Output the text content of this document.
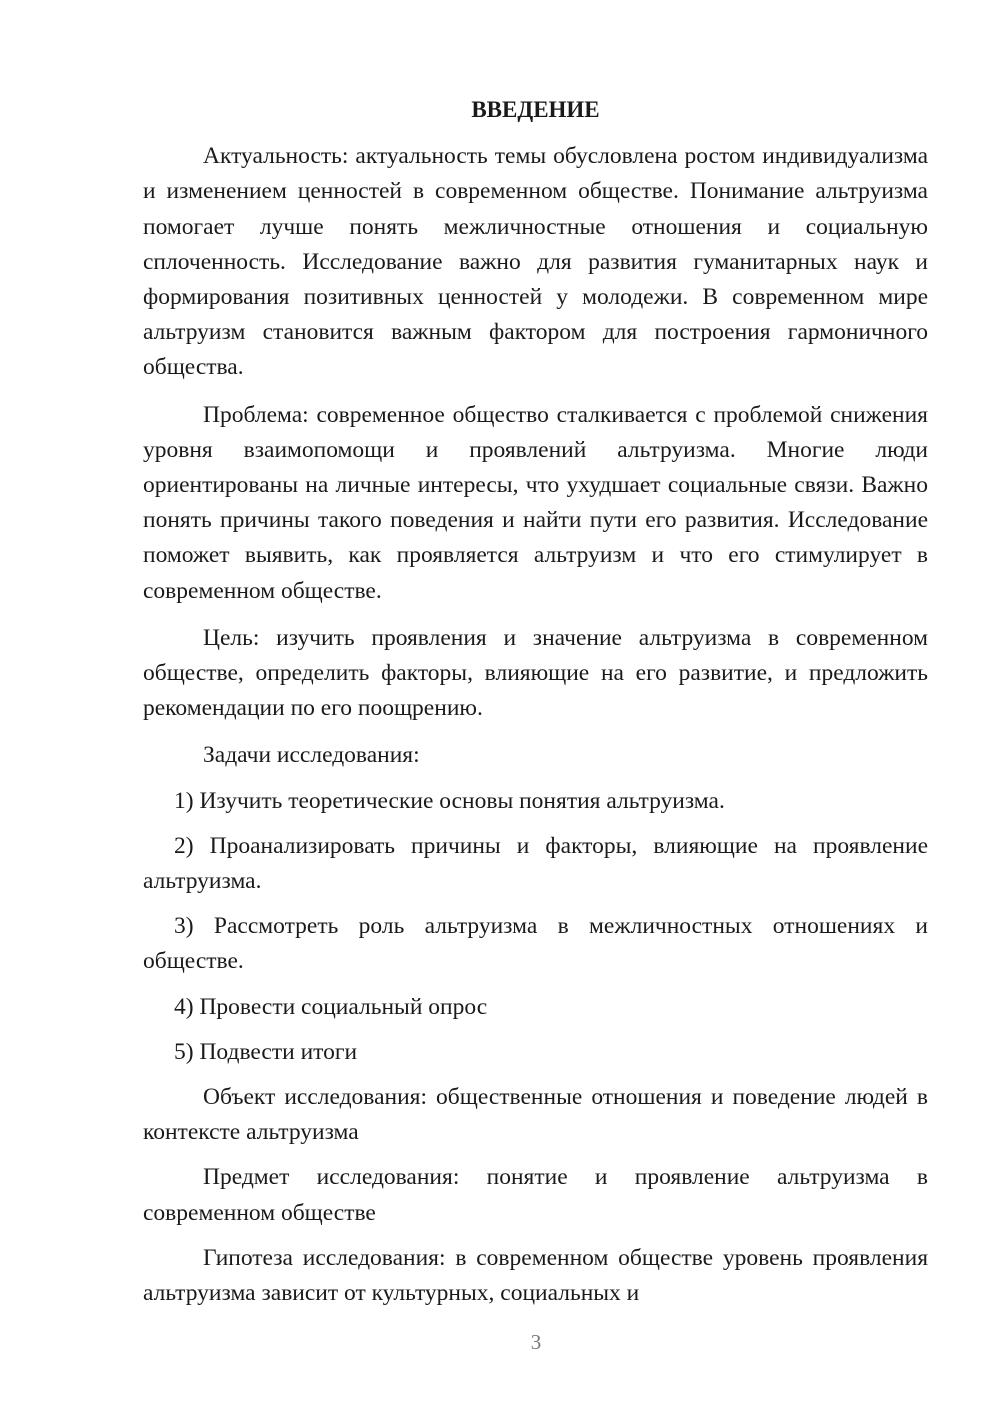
ВВЕДЕНИЕ

Актуальность: актуальность темы обусловлена ростом индивидуализма и изменением ценностей в современном обществе. Понимание альтруизма помогает лучше понять межличностные отношения и социальную сплоченность. Исследование важно для развития гуманитарных наук и формирования позитивных ценностей у молодежи. В современном мире альтруизм становится важным фактором для построения гармоничного общества.

Проблема: современное общество сталкивается с проблемой снижения уровня взаимопомощи и проявлений альтруизма. Многие люди ориентированы на личные интересы, что ухудшает социальные связи. Важно понять причины такого поведения и найти пути его развития. Исследование поможет выявить, как проявляется альтруизм и что его стимулирует в современном обществе.

Цель: изучить проявления и значение альтруизма в современном обществе, определить факторы, влияющие на его развитие, и предложить рекомендации по его поощрению.

Задачи исследования:

1) Изучить теоретические основы понятия альтруизма.

2) Проанализировать причины и факторы, влияющие на проявление альтруизма.

3) Рассмотреть роль альтруизма в межличностных отношениях и обществе.

4) Провести социальный опрос

5) Подвести итоги

Объект исследования: общественные отношения и поведение людей в контексте альтруизма

Предмет исследования: понятие и проявление альтруизма в современном обществе

Гипотеза исследования: в современном обществе уровень проявления альтруизма зависит от культурных, социальных и

3
